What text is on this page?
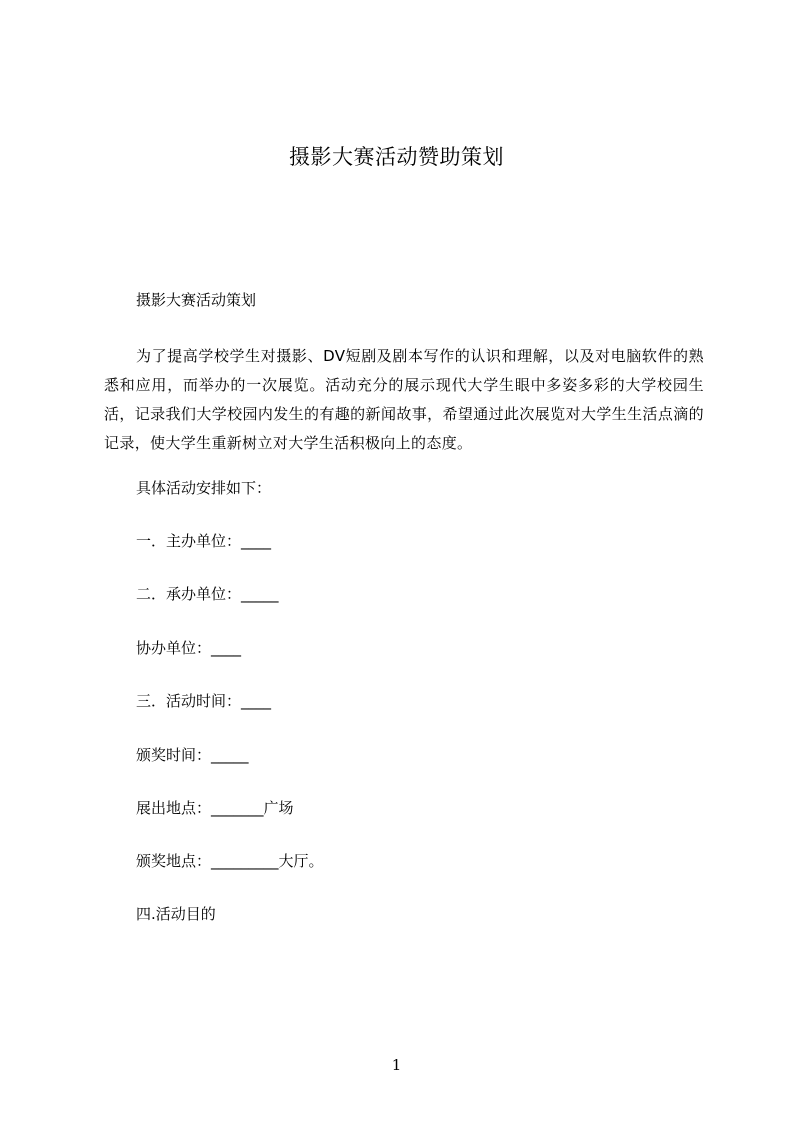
摄影大赛活动赞助策划
摄影大赛活动策划
为了提高学校学生对摄影、DV短剧及剧本写作的认识和理解，以及对电脑软件的熟悉和应用，而举办的一次展览。活动充分的展示现代大学生眼中多姿多彩的大学校园生活，记录我们大学校园内发生的有趣的新闻故事，希望通过此次展览对大学生生活点滴的记录，使大学生重新树立对大学生活积极向上的态度。
具体活动安排如下：
一．主办单位：____
二．承办单位：_____
协办单位：____
三．活动时间：____
颁奖时间：_____
展出地点：_______广场
颁奖地点：_________大厅。
四.活动目的
1
